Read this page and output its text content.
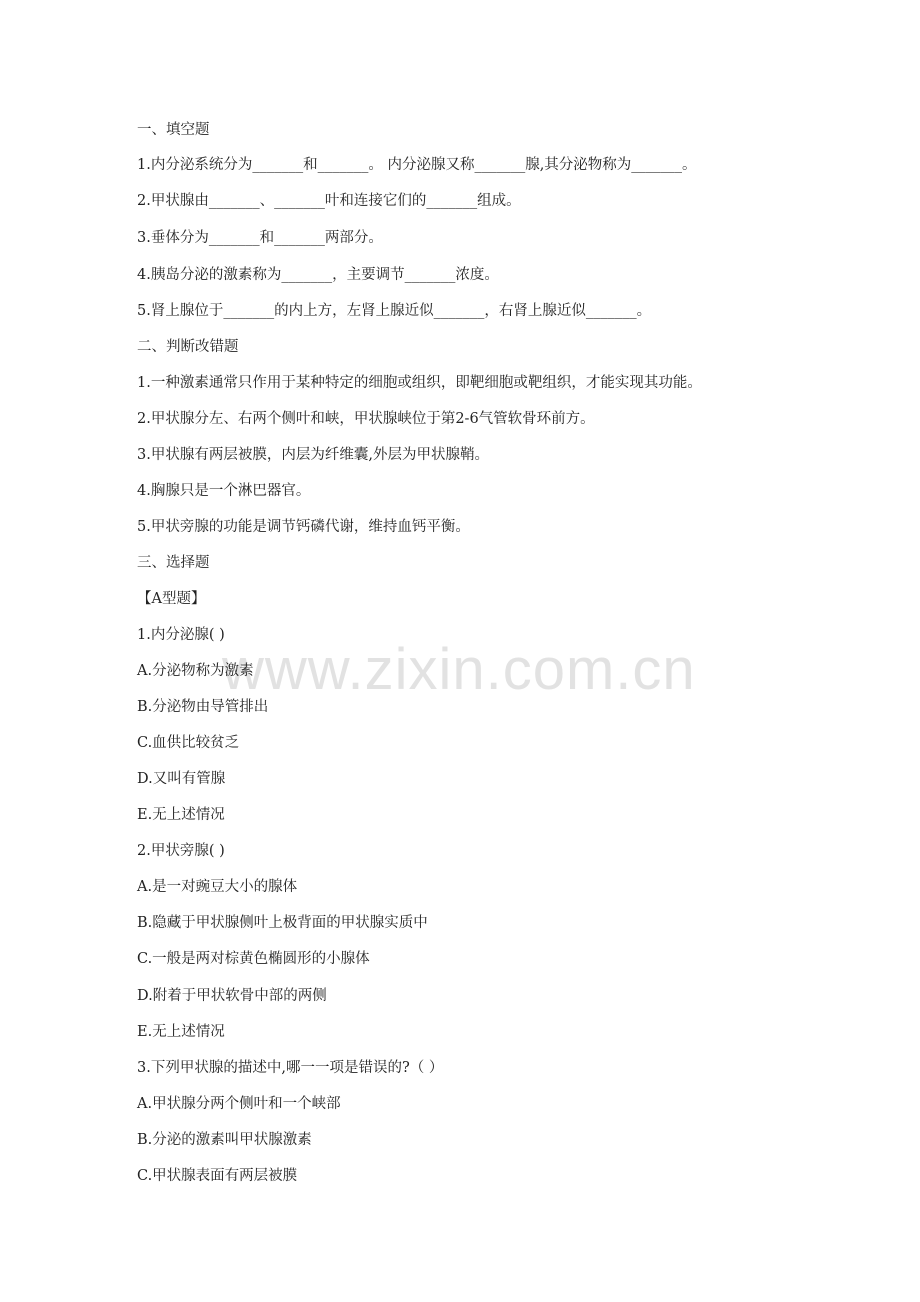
www.zixin.com.cn
一、填空题
1.内分泌系统分为_______和_______。 内分泌腺又称_______腺,其分泌物称为_______。
2.甲状腺由_______、_______叶和连接它们的_______组成。
3.垂体分为_______和_______两部分。
4.胰岛分泌的激素称为_______，主要调节_______浓度。
5.肾上腺位于_______的内上方，左肾上腺近似_______，右肾上腺近似_______。
二、判断改错题
1.一种激素通常只作用于某种特定的细胞或组织，即靶细胞或靶组织，才能实现其功能。
2.甲状腺分左、右两个侧叶和峡，甲状腺峡位于第2-6气管软骨环前方。
3.甲状腺有两层被膜，内层为纤维囊,外层为甲状腺鞘。
4.胸腺只是一个淋巴器官。
5.甲状旁腺的功能是调节钙磷代谢，维持血钙平衡。
三、选择题
【A型题】
1.内分泌腺( )
A.分泌物称为激素
B.分泌物由导管排出
C.血供比较贫乏
D.又叫有管腺
E.无上述情况
2.甲状旁腺( )
A.是一对豌豆大小的腺体
B.隐藏于甲状腺侧叶上极背面的甲状腺实质中
C.一般是两对棕黄色椭圆形的小腺体
D.附着于甲状软骨中部的两侧
E.无上述情况
3.下列甲状腺的描述中,哪一一项是错误的?（ ）
A.甲状腺分两个侧叶和一个峡部
B.分泌的激素叫甲状腺激素
C.甲状腺表面有两层被膜
